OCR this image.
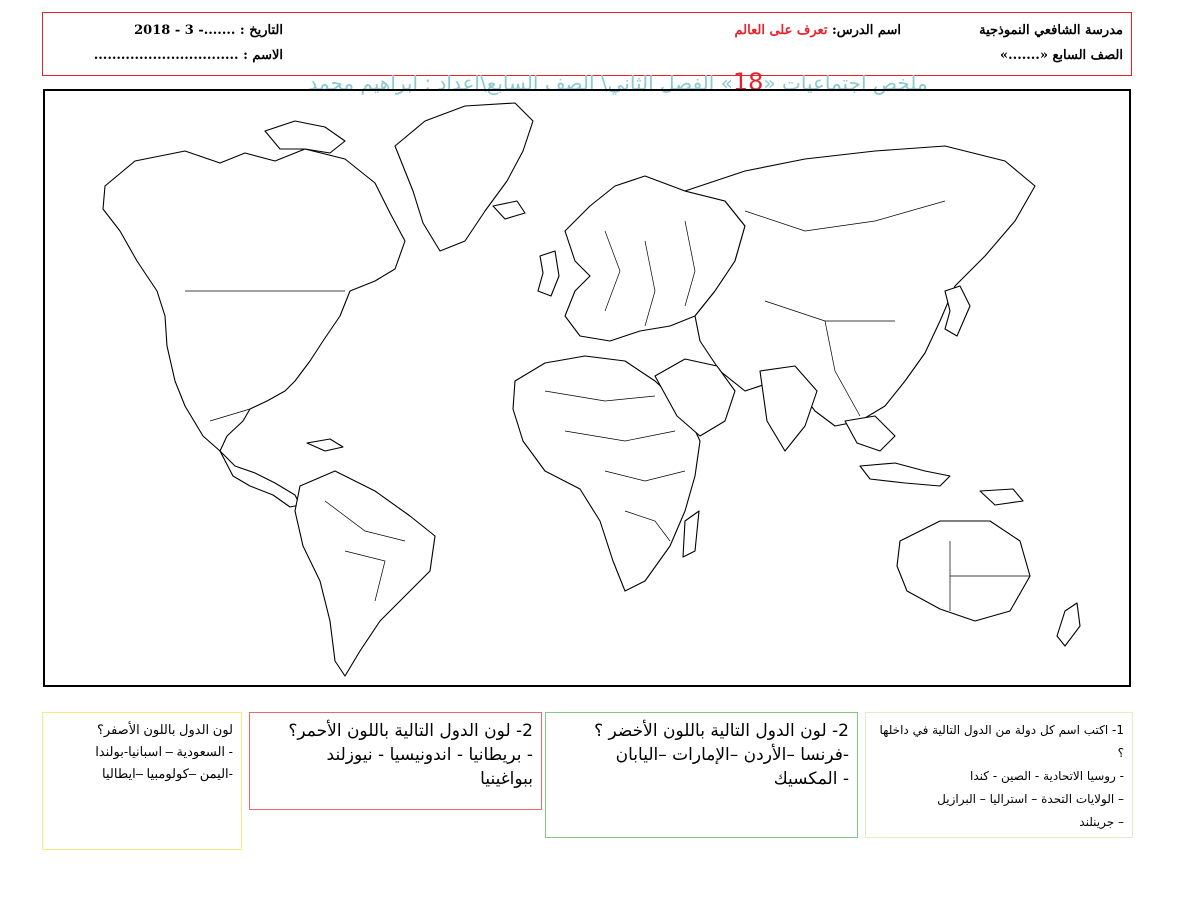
مدرسة الشافعي النموذجية
الصف السابع «.......»
اسم الدرس: تعرف على العالم
التاريخ : .......- 3 - 2018
الاسم : ................................
ملخص اجتماعيات «18» الفصل الثاني\ الصف السابع\اعداد : ابراهيم محمد
1- اكتب اسم كل دولة من الدول التالية في داخلها ؟
- روسيا الاتحادية - الصين - كندا
– الولايات التحدة – استراليا – البرازيل
– جرينلند
2- لون الدول التالية باللون الأخضر ؟
-فرنسا –الأردن –الإمارات –اليابان
- المكسيك
2- لون الدول التالية باللون الأحمر؟
- بريطانيا - اندونيسيا - نيوزلند
ببواغينيا
لون الدول باللون الأصفر؟
- السعودية – اسبانيا-بولندا
-اليمن –كولومبيا –ايطاليا
